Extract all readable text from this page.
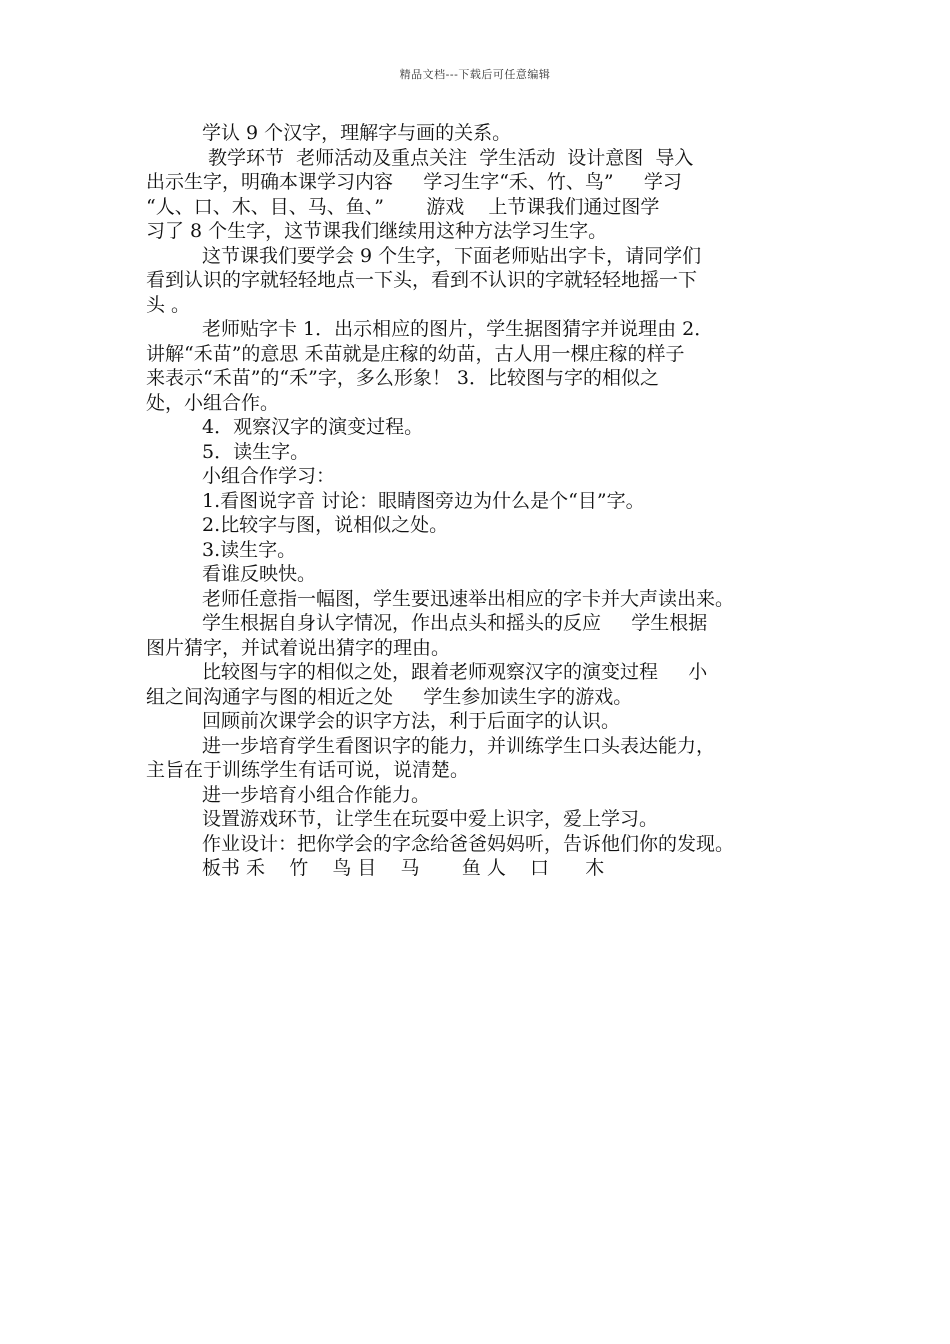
精品文档---下载后可任意编辑

学认 9 个汉字，理解字与画的关系。

教学环节  老师活动及重点关注  学生活动  设计意图  导入

出示生字，明确本课学习内容     学习生字“禾、竹、鸟”     学习

“人、口、木、目、马、鱼、”       游戏    上节课我们通过图学

习了 8 个生字，这节课我们继续用这种方法学习生字。

这节课我们要学会 9 个生字，下面老师贴出字卡，请同学们

看到认识的字就轻轻地点一下头，看到不认识的字就轻轻地摇一下

头 。

老师贴字卡 1．出示相应的图片，学生据图猜字并说理由 2．

讲解“禾苗”的意思 禾苗就是庄稼的幼苗，古人用一棵庄稼的样子

来表示“禾苗”的“禾”字，多么形象！ 3．比较图与字的相似之

处，小组合作。

4．观察汉字的演变过程。

5．读生字。

小组合作学习：

1.看图说字音 讨论：眼睛图旁边为什么是个“目”字。

2.比较字与图，说相似之处。

3.读生字。

看谁反映快。

老师任意指一幅图，学生要迅速举出相应的字卡并大声读出来。

学生根据自身认字情况，作出点头和摇头的反应     学生根据

图片猜字，并试着说出猜字的理由。

比较图与字的相似之处，跟着老师观察汉字的演变过程     小

组之间沟通字与图的相近之处     学生参加读生字的游戏。

回顾前次课学会的识字方法，利于后面字的认识。

进一步培育学生看图识字的能力，并训练学生口头表达能力，

主旨在于训练学生有话可说，说清楚。

进一步培育小组合作能力。

设置游戏环节，让学生在玩耍中爱上识字，爱上学习。

作业设计：把你学会的字念给爸爸妈妈听，告诉他们你的发现。

板书 禾    竹    鸟 目    马       鱼 人    口      木
